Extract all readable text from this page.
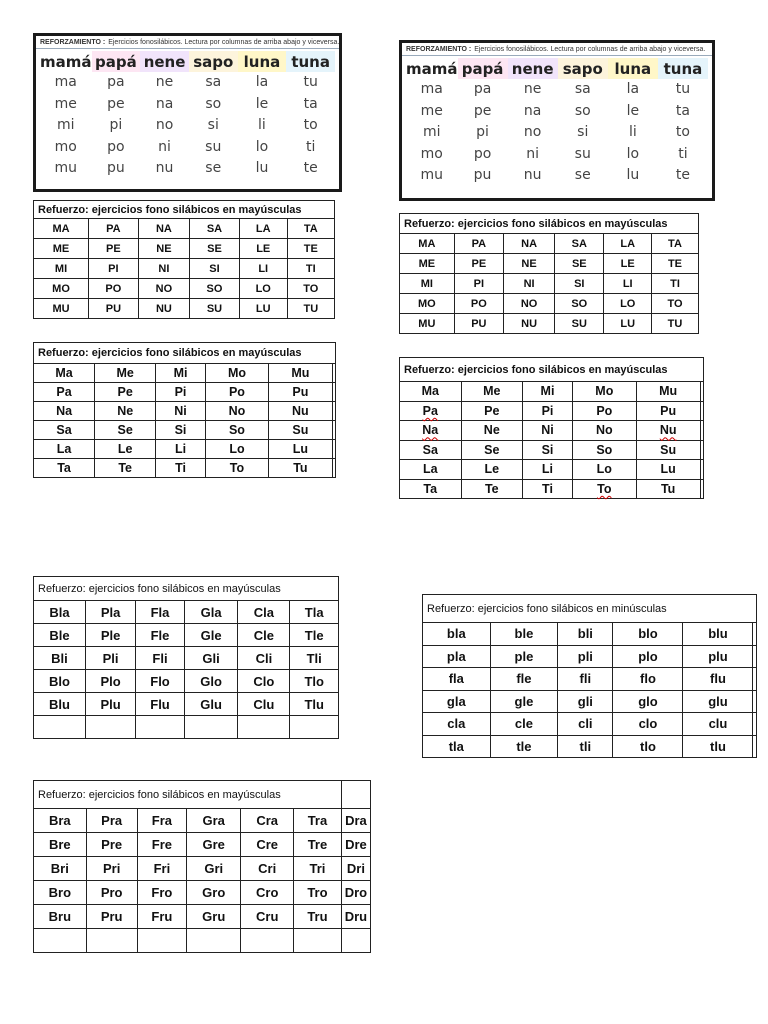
REFORZAMIENTO : Ejercicios fonosilábicos. Lectura por columnas de arriba abajo y viceversa.
mamá papá nene sapo luna tuna
ma	pa	ne	sa	la	tu
me	pe	na	so	le	ta
mi	pi	no	si	li	to
mo	po	ni	su	lo	ti
mu	pu	nu	se	lu	te
REFORZAMIENTO : Ejercicios fonosilábicos. Lectura por columnas de arriba abajo y viceversa.
mamá papá nene sapo luna tuna
ma	pa	ne	sa	la	tu
me	pe	na	so	le	ta
mi	pi	no	si	li	to
mo	po	ni	su	lo	ti
mu	pu	nu	se	lu	te
Refuerzo: ejercicios fono silábicos en mayúsculas					
MA	PA	NA	SA	LA	TA
ME	PE	NE	SE	LE	TE
MI	PI	NI	SI	LI	TI
MO	PO	NO	SO	LO	TO
MU	PU	NU	SU	LU	TU
Refuerzo: ejercicios fono silábicos en mayúsculas					
MA	PA	NA	SA	LA	TA
ME	PE	NE	SE	LE	TE
MI	PI	NI	SI	LI	TI
MO	PO	NO	SO	LO	TO
MU	PU	NU	SU	LU	TU
Refuerzo: ejercicios fono silábicos en mayúsculas					
Ma	Me	Mi	Mo	Mu	
Pa	Pe	Pi	Po	Pu	
Na	Ne	Ni	No	Nu	
Sa	Se	Si	So	Su	
La	Le	Li	Lo	Lu	
Ta	Te	Ti	To	Tu	
Refuerzo: ejercicios fono silábicos en mayúsculas					
Ma	Me	Mi	Mo	Mu	
Pa	Pe	Pi	Po	Pu	
Na	Ne	Ni	No	Nu	
Sa	Se	Si	So	Su	
La	Le	Li	Lo	Lu	
Ta	Te	Ti	To	Tu	
Refuerzo: ejercicios fono silábicos en mayúsculas					
Bla	Pla	Fla	Gla	Cla	Tla
Ble	Ple	Fle	Gle	Cle	Tle
Bli	Pli	Fli	Gli	Cli	Tli
Blo	Plo	Flo	Glo	Clo	Tlo
Blu	Plu	Flu	Glu	Clu	Tlu

Refuerzo: ejercicios fono silábicos en minúsculas					
bla	ble	bli	blo	blu	
pla	ple	pli	plo	plu	
fla	fle	fli	flo	flu	
gla	gle	gli	glo	glu	
cla	cle	cli	clo	clu	
tla	tle	tli	tlo	tlu	
Refuerzo: ejercicios fono silábicos en mayúsculas						
Bra	Pra	Fra	Gra	Cra	Tra	Dra
Bre	Pre	Fre	Gre	Cre	Tre	Dre
Bri	Pri	Fri	Gri	Cri	Tri	Dri
Bro	Pro	Fro	Gro	Cro	Tro	Dro
Bru	Pru	Fru	Gru	Cru	Tru	Dru
